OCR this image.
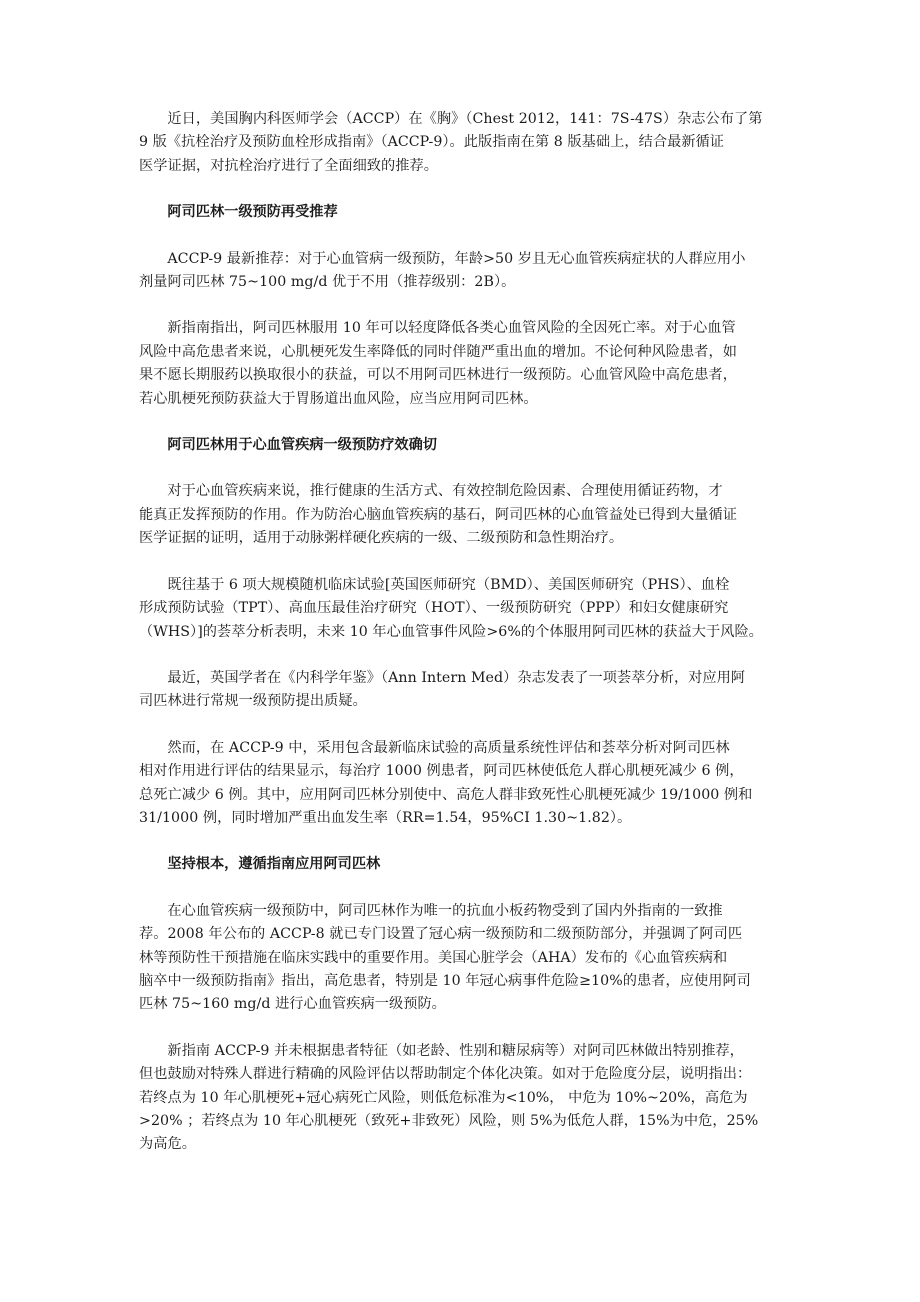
近日，美国胸内科医师学会（ACCP）在《胸》（Chest 2012，141：7S-47S）杂志公布了第
9 版《抗栓治疗及预防血栓形成指南》（ACCP-9）。此版指南在第 8 版基础上，结合最新循证
医学证据，对抗栓治疗进行了全面细致的推荐。

阿司匹林一级预防再受推荐

ACCP-9 最新推荐：对于心血管病一级预防，年龄>50 岁且无心血管疾病症状的人群应用小
剂量阿司匹林 75~100 mg/d 优于不用（推荐级别：2B）。

新指南指出，阿司匹林服用 10 年可以轻度降低各类心血管风险的全因死亡率。对于心血管
风险中高危患者来说，心肌梗死发生率降低的同时伴随严重出血的增加。不论何种风险患者，如
果不愿长期服药以换取很小的获益，可以不用阿司匹林进行一级预防。心血管风险中高危患者，
若心肌梗死预防获益大于胃肠道出血风险，应当应用阿司匹林。

阿司匹林用于心血管疾病一级预防疗效确切

对于心血管疾病来说，推行健康的生活方式、有效控制危险因素、合理使用循证药物，才
能真正发挥预防的作用。作为防治心脑血管疾病的基石，阿司匹林的心血管益处已得到大量循证
医学证据的证明，适用于动脉粥样硬化疾病的一级、二级预防和急性期治疗。

既往基于 6 项大规模随机临床试验[英国医师研究（BMD）、美国医师研究（PHS）、血栓
形成预防试验（TPT）、高血压最佳治疗研究（HOT）、一级预防研究（PPP）和妇女健康研究
（WHS）]的荟萃分析表明，未来 10 年心血管事件风险>6%的个体服用阿司匹林的获益大于风险。

最近，英国学者在《内科学年鉴》（Ann Intern Med）杂志发表了一项荟萃分析，对应用阿
司匹林进行常规一级预防提出质疑。

然而，在 ACCP-9 中，采用包含最新临床试验的高质量系统性评估和荟萃分析对阿司匹林
相对作用进行评估的结果显示，每治疗 1000 例患者，阿司匹林使低危人群心肌梗死减少 6 例，
总死亡减少 6 例。其中，应用阿司匹林分别使中、高危人群非致死性心肌梗死减少 19/1000 例和
31/1000 例，同时增加严重出血发生率（RR=1.54，95%CI 1.30~1.82）。

坚持根本，遵循指南应用阿司匹林

在心血管疾病一级预防中，阿司匹林作为唯一的抗血小板药物受到了国内外指南的一致推
荐。2008 年公布的 ACCP-8 就已专门设置了冠心病一级预防和二级预防部分，并强调了阿司匹
林等预防性干预措施在临床实践中的重要作用。美国心脏学会（AHA）发布的《心血管疾病和
脑卒中一级预防指南》指出，高危患者，特别是 10 年冠心病事件危险≥10%的患者，应使用阿司
匹林 75~160 mg/d 进行心血管疾病一级预防。

新指南 ACCP-9 并未根据患者特征（如老龄、性别和糖尿病等）对阿司匹林做出特别推荐，
但也鼓励对特殊人群进行精确的风险评估以帮助制定个体化决策。如对于危险度分层，说明指出：
若终点为 10 年心肌梗死+冠心病死亡风险，则低危标准为<10%， 中危为 10%~20%，高危为
>20% ；若终点为 10 年心肌梗死（致死+非致死）风险，则 5%为低危人群，15%为中危，25%
为高危。
